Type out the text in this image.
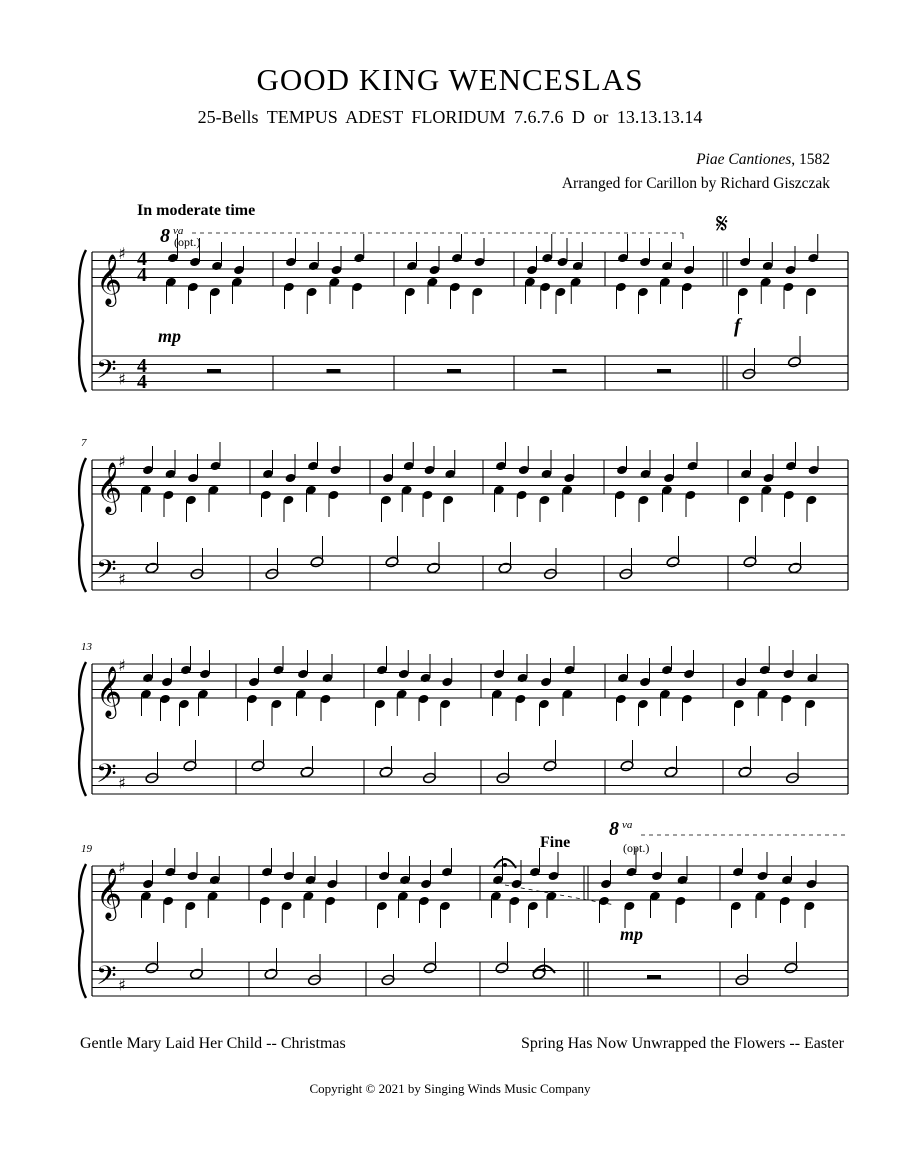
GOOD KING WENCESLAS
25-Bells TEMPUS ADEST FLORIDUM 7.6.7.6 D or 13.13.13.14
Piae Cantiones, 1582
Arranged for Carillon by Richard Giszczak
In moderate time
𝄞
𝄢
♯
♯
𝄞
𝄢
♯
♯
𝄞
𝄢
♯
♯
𝄞
𝄢
♯
♯
8 va
(opt.)
8 va
(opt.)
𝄋
Fine
mp	f
mp
4
4
4
4
7
13
19
Gentle Mary Laid Her Child -- Christmas	Spring Has Now Unwrapped the Flowers -- Easter
Copyright © 2021 by Singing Winds Music Company
